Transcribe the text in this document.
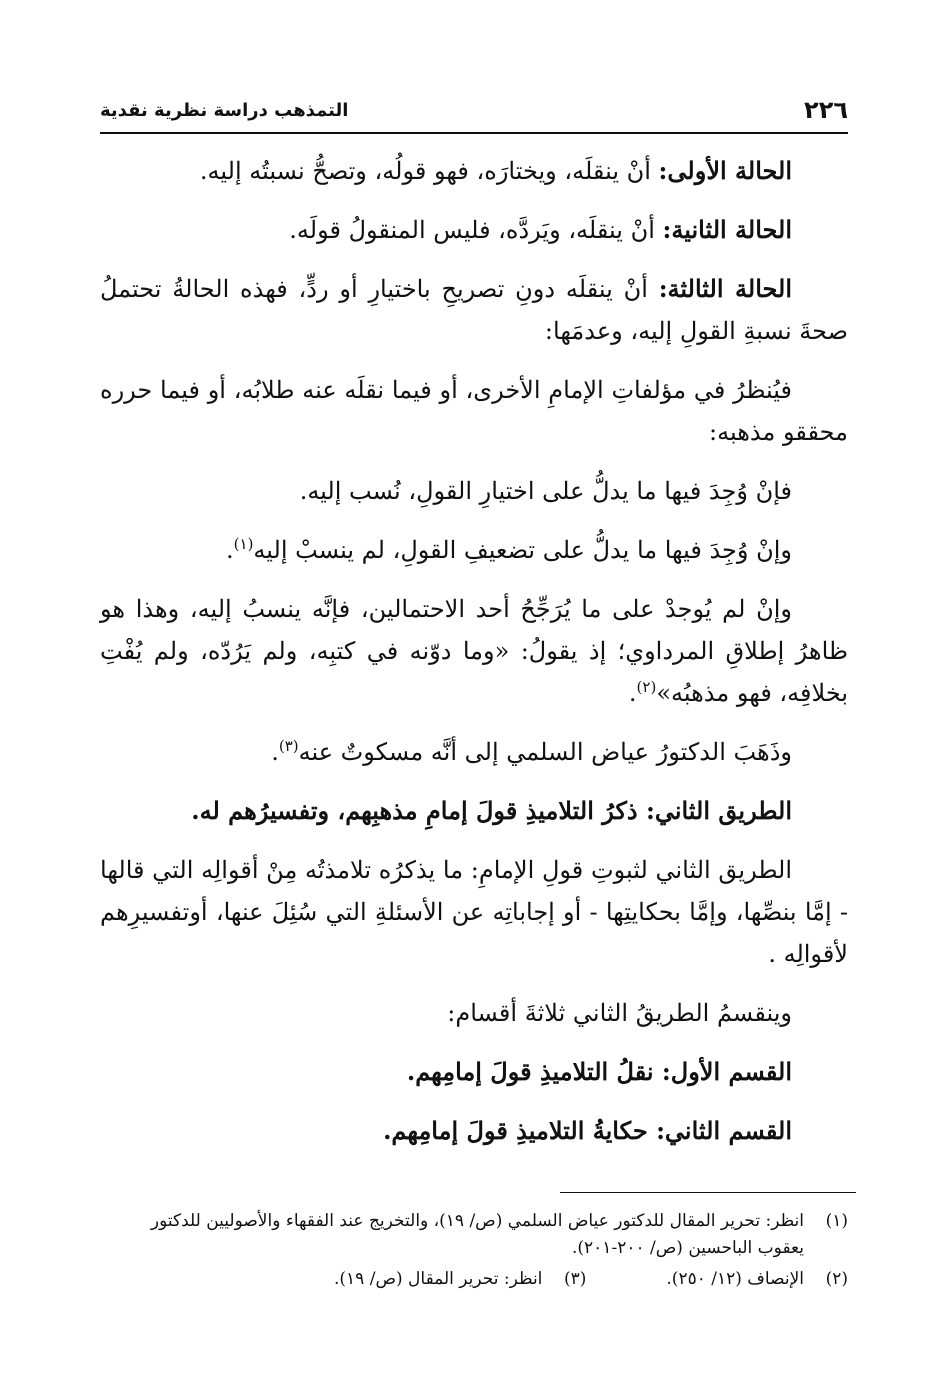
٢٢٦
التمذهب دراسة نظرية نقدية

الحالة الأولى: أنْ ينقلَه، ويختارَه، فهو قولُه، وتصحُّ نسبتُه إليه.

الحالة الثانية: أنْ ينقلَه، ويَردَّه، فليس المنقولُ قولَه.

الحالة الثالثة: أنْ ينقلَه دونِ تصريحِ باختيارِ أو ردٍّ، فهذه الحالةُ تحتملُ صحةَ نسبةِ القولِ إليه، وعدمَها:

فيُنظرُ في مؤلفاتِ الإمامِ الأخرى، أو فيما نقلَه عنه طلابُه، أو فيما حرره محققو مذهبه:

فإنْ وُجِدَ فيها ما يدلُّ على اختيارِ القولِ، نُسب إليه.

وإنْ وُجِدَ فيها ما يدلُّ على تضعيفِ القولِ، لم ينسبْ إليه$^{(١)}$.

وإنْ لم يُوجدْ على ما يُرَجِّحُ أحد الاحتمالين، فإنَّه ينسبُ إليه، وهذا هو ظاهرُ إطلاقِ المرداوي؛ إذ يقولُ: «وما دوّنه في كتبِه، ولم يَرُدّه، ولم يُفْتِ بخلافِه، فهو مذهبُه»$^{(٢)}$.

وذَهَبَ الدكتورُ عياض السلمي إلى أنَّه مسكوتٌ عنه$^{(٣)}$.

الطريق الثاني: ذكرُ التلاميذِ قولَ إمامِ مذهبِهم، وتفسيرُهم له.

الطريق الثاني لثبوتِ قولِ الإمامِ: ما يذكرُه تلامذتُه مِنْ أقوالِه التي قالها - إمَّا بنصِّها، وإمَّا بحكايتِها - أو إجاباتِه عن الأسئلةِ التي سُئِلَ عنها، أوتفسيرِهم لأقوالِه .

وينقسمُ الطريقُ الثاني ثلاثةَ أقسام:

القسم الأول: نقلُ التلاميذِ قولَ إمامِهم.

القسم الثاني: حكايةُ التلاميذِ قولَ إمامِهم.

(١)
انظر: تحرير المقال للدكتور عياض السلمي (ص/ ١٩)، والتخريج عند الفقهاء والأصوليين للدكتور يعقوب الباحسين (ص/ ٢٠٠-٢٠١).
(٢)
الإنصاف (١٢/ ٢٥٠).
(٣)
انظر: تحرير المقال (ص/ ١٩).
